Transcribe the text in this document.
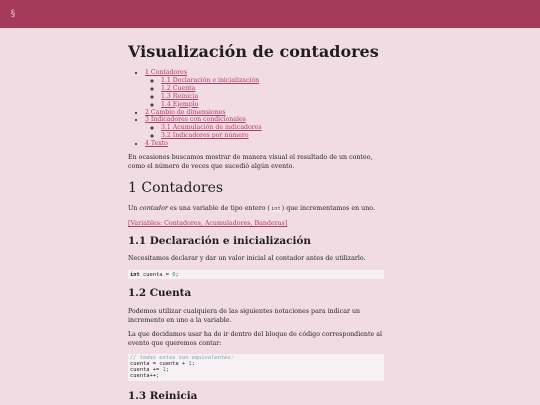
§
Visualización de contadores
• 1 Contadores
◦ 1.1 Declaración e inicialización
◦ 1.2 Cuenta
◦ 1.3 Reinicia
◦ 1.4 Ejemplo
• 2 Cambio de dimensiones
• 3 Indicadores con condicionales
◦ 3.1 Acumulación de indicadores
◦ 3.2 Indicadores por número
• 4 Texto

En ocasiones buscamos mostrar de manera visual el resultado de un conteo, como el número de veces que sucedió algún evento.

1 Contadores

Un contador es una variable de tipo entero (int) que incrementamos en uno.

[Variables: Contadores, Acumuladores, Banderas]

1.1 Declaración e inicialización

Necesitamos declarar y dar un valor inicial al contador antes de utilizarlo.

int cuenta = 0;
1.2 Cuenta

Podemos utilizar cualquiera de las siguientes notaciones para indicar un incremento en uno a la variable.

La que decidamos usar ha de ir dentro del bloque de código correspondiente al evento que queremos contar:

// todas estas son equivalentes:
cuenta = cuenta + 1;
cuenta += 1;
cuenta++;
1.3 Reinicia
